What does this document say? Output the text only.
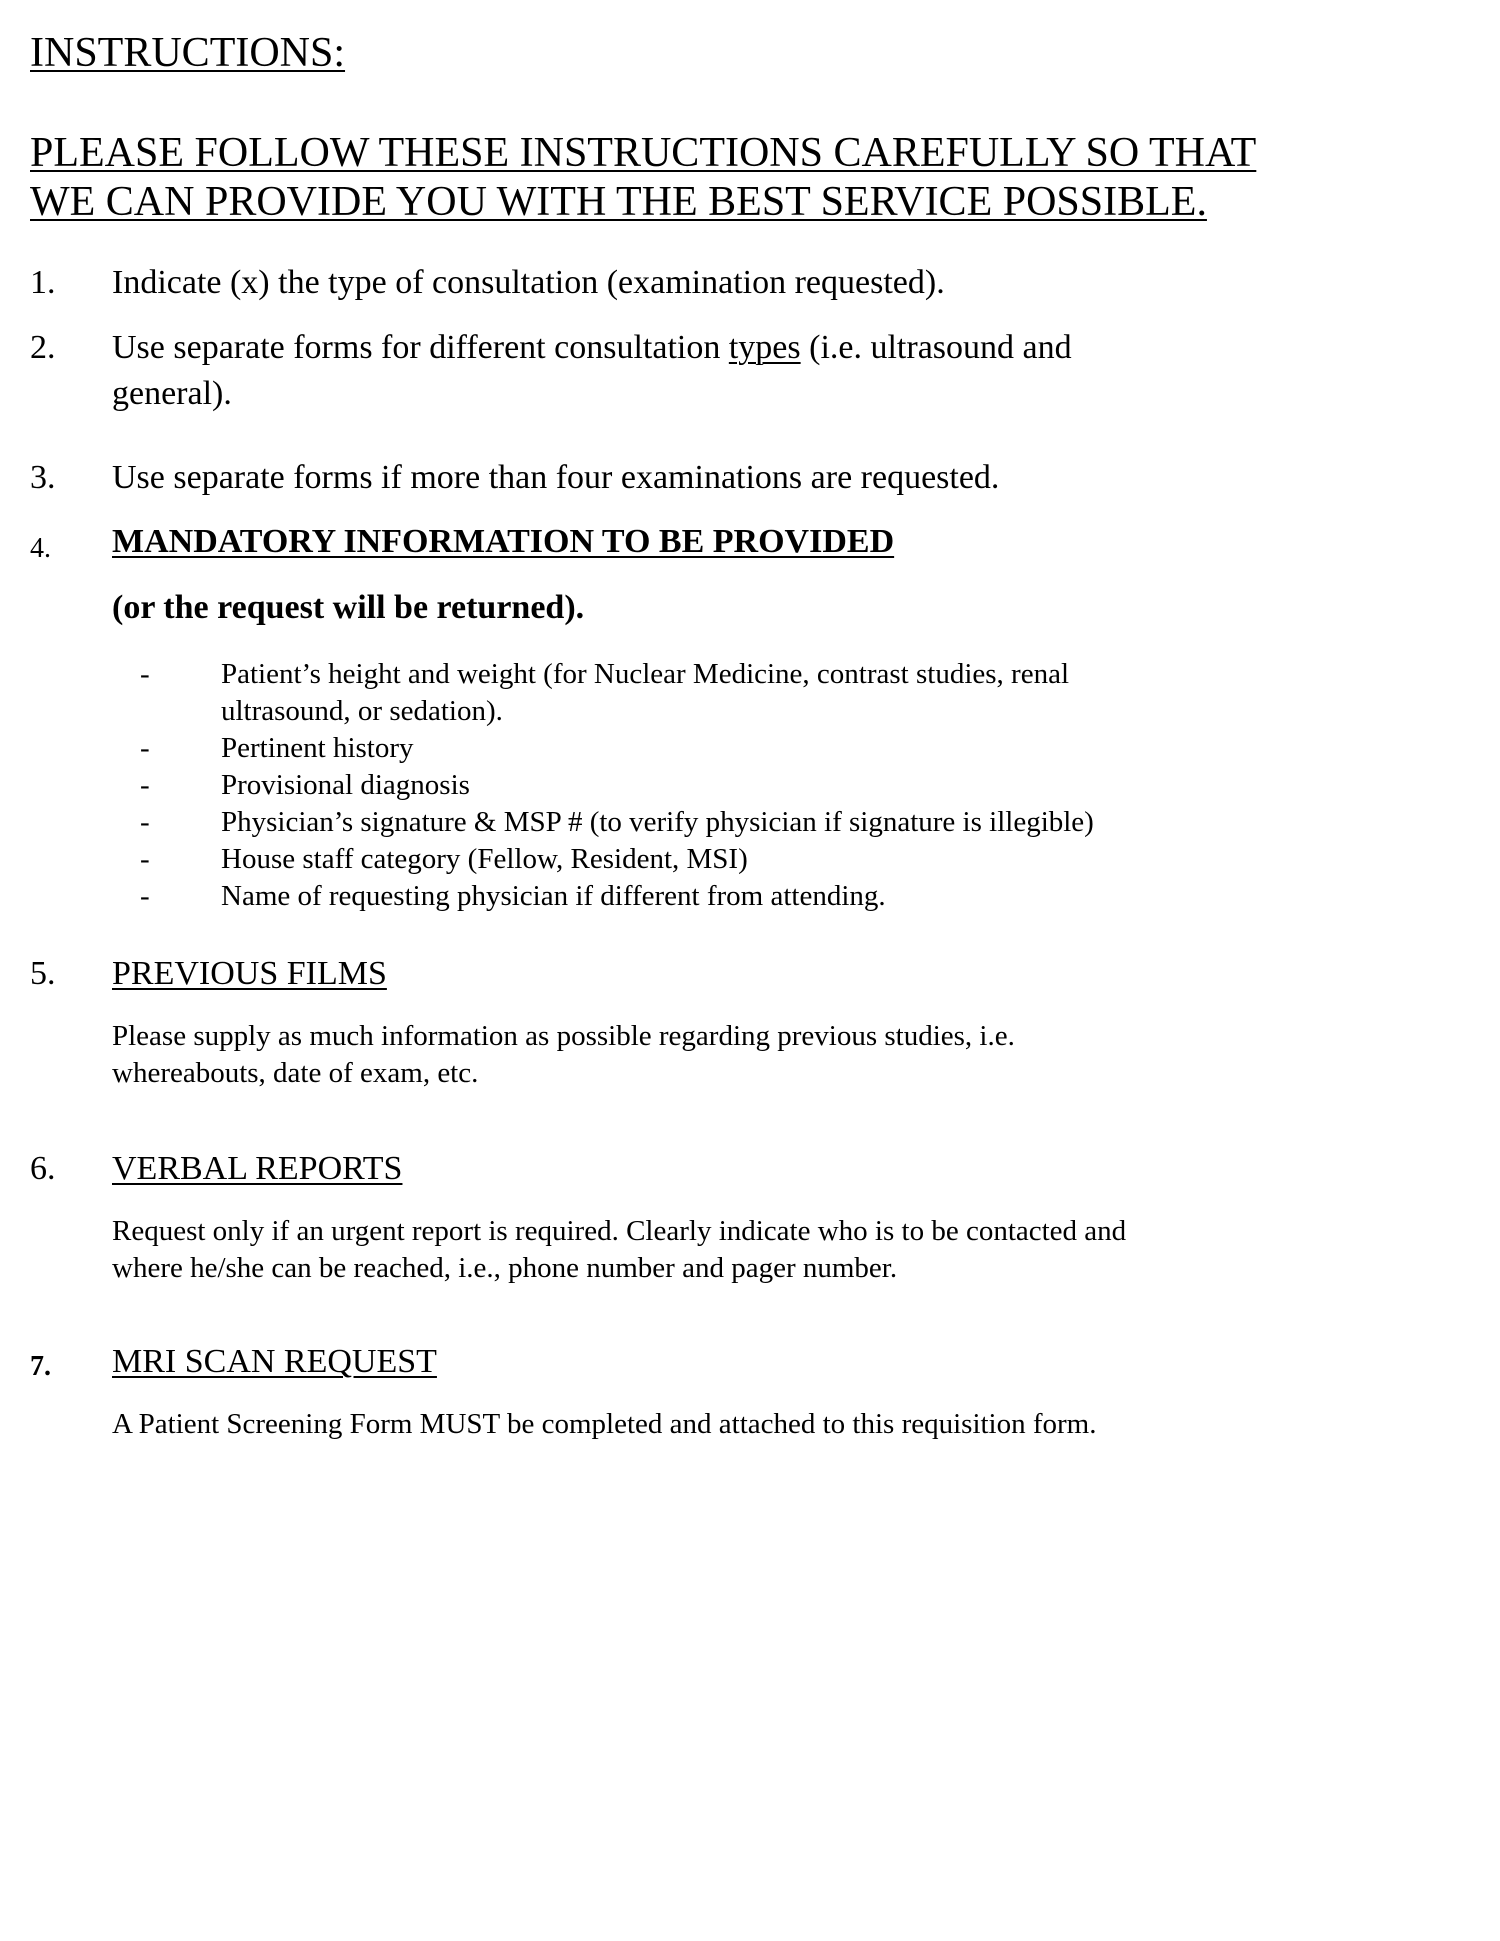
INSTRUCTIONS:
PLEASE FOLLOW THESE INSTRUCTIONS CAREFULLY SO THAT
WE CAN PROVIDE YOU WITH THE BEST SERVICE POSSIBLE.
1. Indicate (x) the type of consultation (examination requested).
2. Use separate forms for different consultation types (i.e. ultrasound and
general).
3. Use separate forms if more than four examinations are requested.
4. MANDATORY INFORMATION TO BE PROVIDED
(or the request will be returned).
- Patient’s height and weight (for Nuclear Medicine, contrast studies, renal
ultrasound, or sedation).
- Pertinent history
- Provisional diagnosis
- Physician’s signature & MSP # (to verify physician if signature is illegible)
- House staff category (Fellow, Resident, MSI)
- Name of requesting physician if different from attending.
5. PREVIOUS FILMS
Please supply as much information as possible regarding previous studies, i.e.
whereabouts, date of exam, etc.
6. VERBAL REPORTS
Request only if an urgent report is required. Clearly indicate who is to be contacted and
where he/she can be reached, i.e., phone number and pager number.
7. MRI SCAN REQUEST
A Patient Screening Form MUST be completed and attached to this requisition form.
